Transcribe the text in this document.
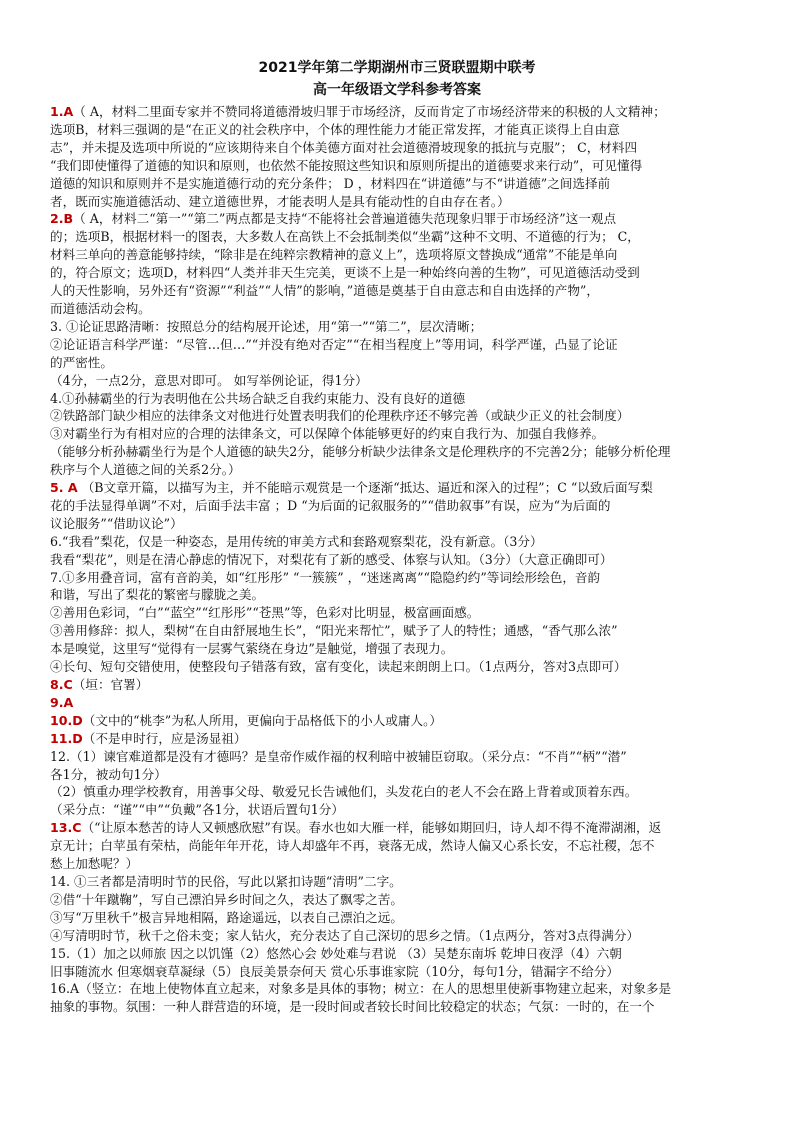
2021学年第二学期湖州市三贤联盟期中联考
高一年级语文学科参考答案
1.A（ A，材料二里面专家并不赞同将道德滑坡归罪于市场经济，反而肯定了市场经济带来的积极的人文精神；
选项B，材料三强调的是“在正义的社会秩序中，个体的理性能力才能正常发挥，才能真正谈得上自由意
志”，并未提及选项中所说的“应该期待来自个体美德方面对社会道德滑坡现象的抵抗与克服”； C，材料四
“我们即使懂得了道德的知识和原则，也依然不能按照这些知识和原则所提出的道德要求来行动”，可见懂得
道德的知识和原则并不是实施道德行动的充分条件； D ，材料四在“讲道德”与不“讲道德”之间选择前
者，既而实施道德活动、建立道德世界，才能表明人是具有能动性的自由存在者。）
2.B（ A，材料二“第一”“第二”两点都是支持“不能将社会普遍道德失范现象归罪于市场经济”这一观点
的；选项B，根据材料一的图表，大多数人在高铁上不会抵制类似“坐霸”这种不文明、不道德的行为； C，
材料三单向的善意能够持续，“除非是在纯粹宗教精神的意义上”，选项将原文替换成“通常”不能是单向
的，符合原文；选项D，材料四“人类并非天生完美，更谈不上是一种始终向善的生物”，可见道德活动受到
人的天性影响，另外还有“资源”“利益”“人情”的影响，”道德是奠基于自由意志和自由选择的产物”，
而道德活动会构。
3. ①论证思路清晰：按照总分的结构展开论述，用“第一”“第二”，层次清晰；
②论证语言科学严谨：“尽管…但…”“并没有绝对否定”“在相当程度上”等用词，科学严谨，凸显了论证
的严密性。
（4分，一点2分，意思对即可。 如写举例论证，得1分）
4.①孙赫霸坐的行为表明他在公共场合缺乏自我约束能力、没有良好的道德
②铁路部门缺少相应的法律条文对他进行处置表明我们的伦理秩序还不够完善（或缺少正义的社会制度）
③对霸坐行为有相对应的合理的法律条文，可以保障个体能够更好的约束自我行为、加强自我修养。
（能够分析孙赫霸坐行为是个人道德的缺失2分，能够分析缺少法律条文是伦理秩序的不完善2分；能够分析伦理
秩序与个人道德之间的关系2分。）
5. A （B文章开篇，以描写为主，并不能暗示观赏是一个逐渐“抵达、逼近和深入的过程”；C “以致后面写梨
花的手法显得单调”不对，后面手法丰富 ；D “为后面的记叙服务的”“借助叙事”有误，应为“为后面的
议论服务”“借助议论”）
6.“我看”梨花，仅是一种姿态，是用传统的审美方式和套路观察梨花，没有新意。（3分）
我看“梨花”，则是在清心静虑的情况下，对梨花有了新的感受、体察与认知。（3分）（大意正确即可）
7.①多用叠音词，富有音韵美，如“红彤彤” “一簇簇” ，“迷迷离离”“隐隐约约”等词绘形绘色，音韵
和谐，写出了梨花的繁密与朦胧之美。
②善用色彩词，“白”“蓝空”“红彤彤”“苍黑”等，色彩对比明显，极富画面感。
③善用修辞：拟人，梨树“在自由舒展地生长”，“阳光来帮忙”，赋予了人的特性；通感，“香气那么浓”
本是嗅觉，这里写“觉得有一层雾气萦绕在身边”是触觉，增强了表现力。
④长句、短句交错使用，使整段句子错落有致，富有变化，读起来朗朗上口。（1点两分，答对3点即可）
8.C（垣：官署）
9.A
10.D（文中的“桃李”为私人所用，更偏向于品格低下的小人或庸人。）
11.D（不是申时行，应是汤显祖）
12.（1）谏官难道都是没有才德吗？是皇帝作威作福的权利暗中被辅臣窃取。（采分点：“不肖”“柄”“潜”
各1分，被动句1分）
（2）慎重办理学校教育，用善事父母、敬爱兄长告诫他们，头发花白的老人不会在路上背着或顶着东西。
（采分点：“谨”“申”“负戴”各1分，状语后置句1分）
13.C（“让原本愁苦的诗人又顿感欣慰”有误。春水也如大雁一样，能够如期回归，诗人却不得不淹滞湖湘，返
京无计；白苹虽有荣枯，尚能年年开花，诗人却盛年不再，衰落无成，然诗人偏又心系长安，不忘社稷，怎不
愁上加愁呢？）
14. ①三者都是清明时节的民俗，写此以紧扣诗题“清明”二字。
②借“十年蹴鞠”，写自己漂泊异乡时间之久，表达了飘零之苦。
③写“万里秋千”极言异地相隔，路途遥远，以表自己漂泊之远。
④写清明时节，秋千之俗未变；家人钻火，充分表达了自己深切的思乡之情。（1点两分，答对3点得满分）
15.（1）加之以师旅 因之以饥馑（2）悠然心会 妙处难与君说 （3）吴楚东南坼 乾坤日夜浮（4）六朝
旧事随流水 但寒烟衰草凝绿（5）良辰美景奈何天 赏心乐事谁家院（10分，每句1分，错漏字不给分）
16.A（竖立：在地上使物体直立起来，对象多是具体的事物；树立：在人的思想里使新事物建立起来，对象多是
抽象的事物。氛围：一种人群营造的环境，是一段时间或者较长时间比较稳定的状态；气氛：一时的，在一个
